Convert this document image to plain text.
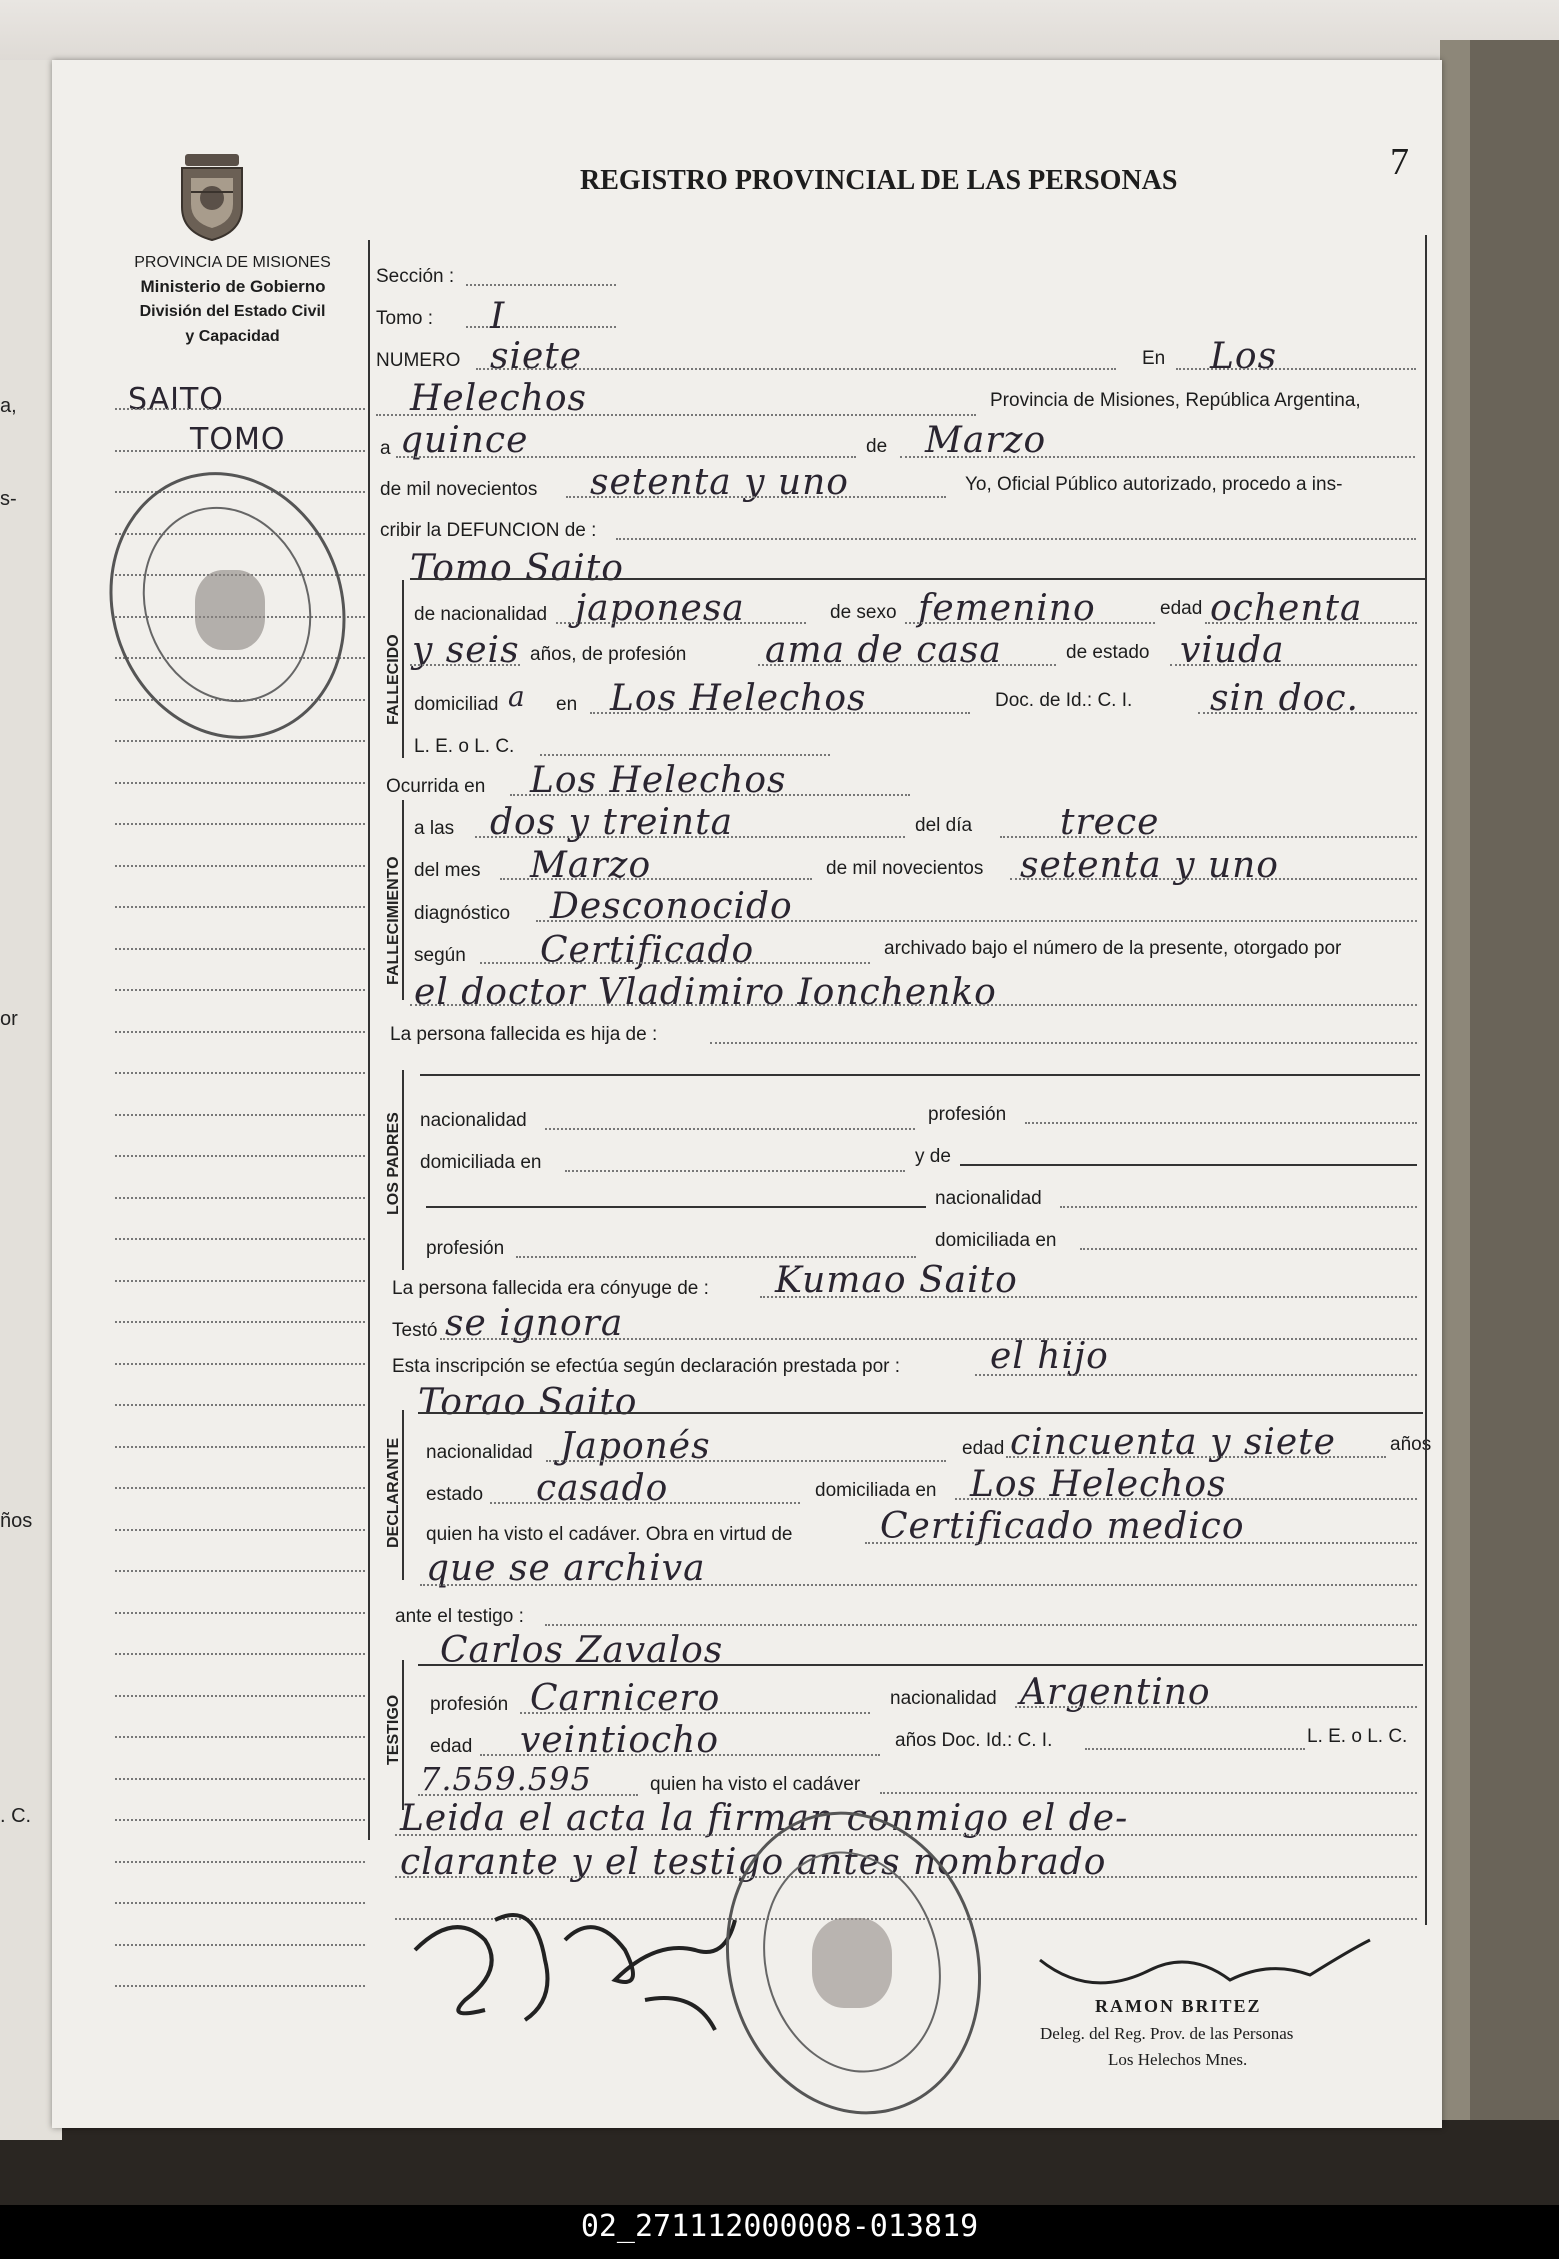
02_271112000008-013819
a,
s-
or
ños
. C.
PROVINCIA DE MISIONES
Ministerio de Gobierno
División del Estado Civil
y Capacidad
REGISTRO PROVINCIAL DE LAS PERSONAS	7
SAITO
TOMO
Sección :
Tomo : I
NUMERO siete	En Los
Helechos	Provincia de Misiones, República Argentina,
a quince	de Marzo
de mil novecientos setenta y uno	Yo, Oficial Público autorizado, procedo a ins-
cribir la DEFUNCION de :
Tomo Saito
FALLECIDO
de nacionalidad japonesa	de sexo femenino	edad ochenta
y seis años, de profesión ama de casa	de estado viuda
domiciliad a en Los Helechos	Doc. de Id.: C. I. sin doc.
L. E. o L. C.
Ocurrida en Los Helechos
FALLECIMIENTO
a las dos y treinta	del día trece
del mes Marzo	de mil novecientos setenta y uno
diagnóstico Desconocido
según Certificado	archivado bajo el número de la presente, otorgado por
el doctor Vladimiro Ionchenko
La persona fallecida es hija de :
LOS PADRES nacionalidad	profesión
domiciliada en	y de
nacionalidad
profesión	domiciliada en
La persona fallecida era cónyuge de : Kumao Saito
Testó se ignora
Esta inscripción se efectúa según declaración prestada por : el hijo
Torao Saito
DECLARANTE nacionalidad Japonés	edad cincuenta y siete	años
estado casado	domiciliada en Los Helechos
quien ha visto el cadáver. Obra en virtud de Certificado medico
que se archiva
ante el testigo :
Carlos Zavalos
TESTIGO profesión Carnicero	nacionalidad Argentino
edad veintiocho	años Doc. Id.: C. I.	L. E. o L. C.
7.559.595	quien ha visto el cadáver
Leida el acta la firman conmigo el de-
clarante y el testigo antes nombrado
RAMON BRITEZ
Deleg. del Reg. Prov. de las Personas
Los Helechos Mnes.
